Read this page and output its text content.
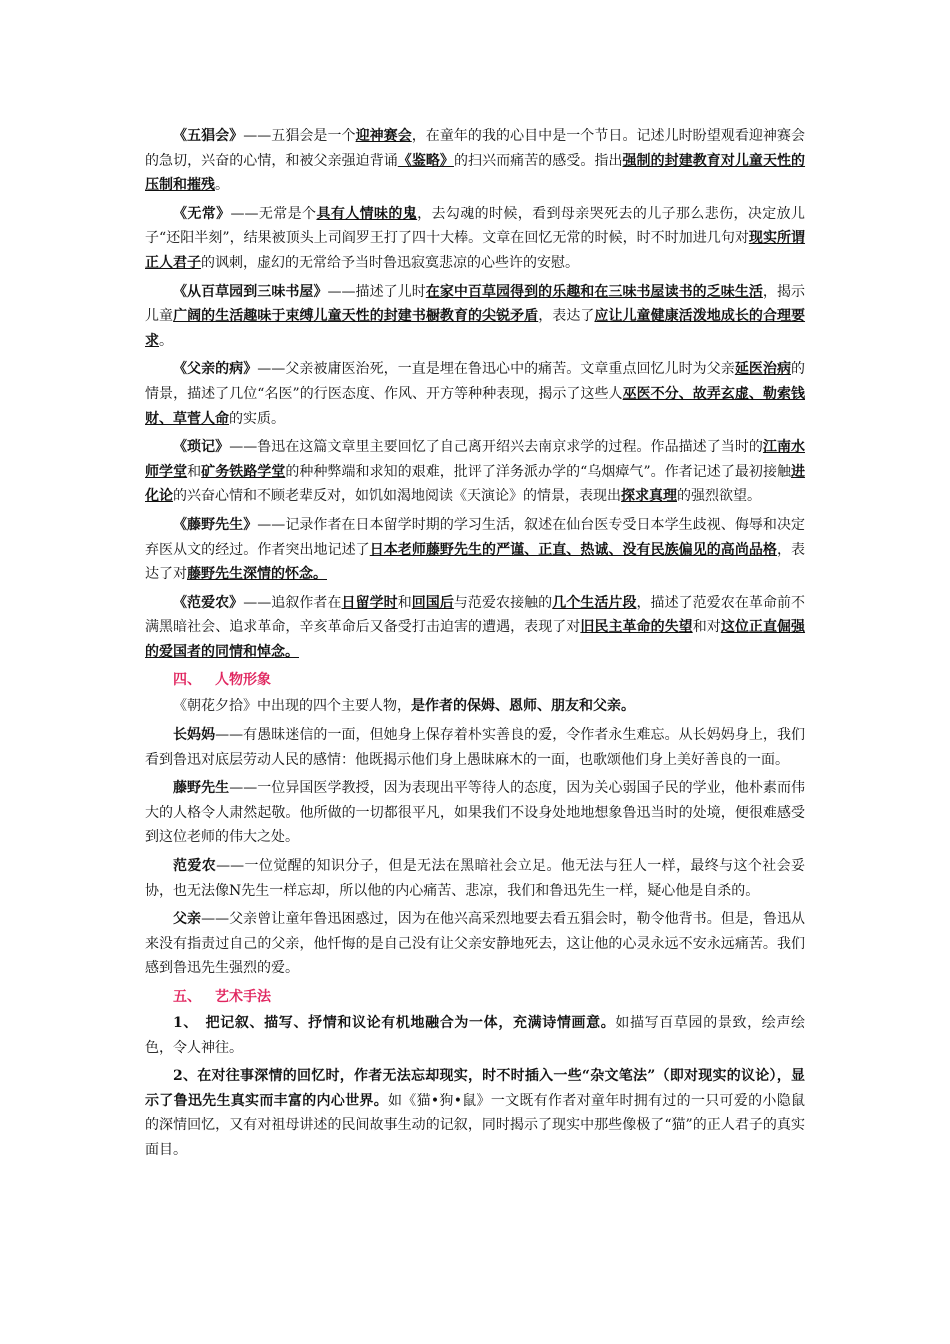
《五猖会》——五猖会是一个迎神赛会，在童年的我的心目中是一个节日。记述儿时盼望观看迎神赛会的急切，兴奋的心情，和被父亲强迫背诵《鉴略》的扫兴而痛苦的感受。指出强制的封建教育对儿童天性的压制和摧残。

《无常》——无常是个具有人情味的鬼，去勾魂的时候，看到母亲哭死去的儿子那么悲伤，决定放儿子“还阳半刻”，结果被顶头上司阎罗王打了四十大棒。文章在回忆无常的时候，时不时加进几句对现实所谓正人君子的讽刺，虚幻的无常给予当时鲁迅寂寞悲凉的心些许的安慰。

《从百草园到三味书屋》——描述了儿时在家中百草园得到的乐趣和在三味书屋读书的乏味生活，揭示儿童广阔的生活趣味于束缚儿童天性的封建书橱教育的尖锐矛盾，表达了应让儿童健康活泼地成长的合理要求。

《父亲的病》——父亲被庸医治死，一直是埋在鲁迅心中的痛苦。文章重点回忆儿时为父亲延医治病的情景，描述了几位“名医”的行医态度、作风、开方等种种表现，揭示了这些人巫医不分、故弄玄虚、勒索钱财、草菅人命的实质。

《琐记》——鲁迅在这篇文章里主要回忆了自己离开绍兴去南京求学的过程。作品描述了当时的江南水师学堂和矿务铁路学堂的种种弊端和求知的艰难，批评了洋务派办学的“乌烟瘴气”。作者记述了最初接触进化论的兴奋心情和不顾老辈反对，如饥如渴地阅读《天演论》的情景，表现出探求真理的强烈欲望。

《藤野先生》——记录作者在日本留学时期的学习生活，叙述在仙台医专受日本学生歧视、侮辱和决定弃医从文的经过。作者突出地记述了日本老师藤野先生的严谨、正直、热诚、没有民族偏见的高尚品格，表达了对藤野先生深情的怀念。

《范爱农》——追叙作者在日留学时和回国后与范爱农接触的几个生活片段，描述了范爱农在革命前不满黑暗社会、追求革命，辛亥革命后又备受打击迫害的遭遇，表现了对旧民主革命的失望和对这位正直倔强的爱国者的同情和悼念。

四、 人物形象

《朝花夕拾》中出现的四个主要人物，是作者的保姆、恩师、朋友和父亲。

长妈妈——有愚昧迷信的一面，但她身上保存着朴实善良的爱，令作者永生难忘。从长妈妈身上，我们看到鲁迅对底层劳动人民的感情：他既揭示他们身上愚昧麻木的一面，也歌颂他们身上美好善良的一面。

藤野先生——一位异国医学教授，因为表现出平等待人的态度，因为关心弱国子民的学业，他朴素而伟大的人格令人肃然起敬。他所做的一切都很平凡，如果我们不设身处地地想象鲁迅当时的处境，便很难感受到这位老师的伟大之处。

范爱农——一位觉醒的知识分子，但是无法在黑暗社会立足。他无法与狂人一样，最终与这个社会妥协，也无法像N先生一样忘却，所以他的内心痛苦、悲凉，我们和鲁迅先生一样，疑心他是自杀的。

父亲——父亲曾让童年鲁迅困惑过，因为在他兴高采烈地要去看五猖会时，勒令他背书。但是，鲁迅从来没有指责过自己的父亲，他忏悔的是自己没有让父亲安静地死去，这让他的心灵永远不安永远痛苦。我们感到鲁迅先生强烈的爱。

五、 艺术手法

1、　把记叙、描写、抒情和议论有机地融合为一体，充满诗情画意。如描写百草园的景致，绘声绘色，令人神往。

2、在对往事深情的回忆时，作者无法忘却现实，时不时插入一些“杂文笔法”（即对现实的议论），显示了鲁迅先生真实而丰富的内心世界。如《猫•狗•鼠》一文既有作者对童年时拥有过的一只可爱的小隐鼠的深情回忆，又有对祖母讲述的民间故事生动的记叙，同时揭示了现实中那些像极了“猫”的正人君子的真实面目。
